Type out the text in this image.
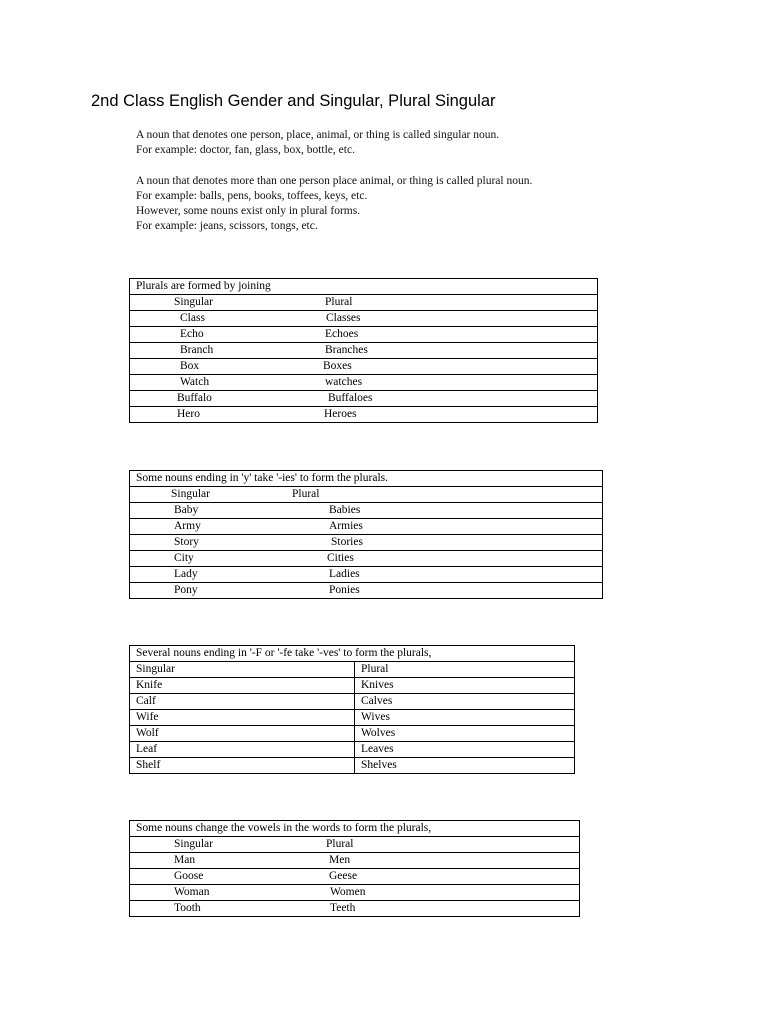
2nd Class English Gender and Singular, Plural Singular
A noun that denotes one person, place, animal, or thing is called singular noun.
For example: doctor, fan, glass, box, bottle, etc.
A noun that denotes more than one person place animal, or thing is called plural noun.
For example: balls, pens, books, toffees, keys, etc.
However, some nouns exist only in plural forms.
For example: jeans, scissors, tongs, etc.
Plurals are formed by joining

Singular	Plural

Class	Classes

Echo	Echoes

Branch	Branches

Box	Boxes

Watch	watches

Buffalo	Buffaloes

Hero	Heroes
Some nouns ending in 'y' take '-ies' to form the plurals.

Singular	Plural

Baby	Babies

Army	Armies

Story	Stories

City	Cities

Lady	Ladies

Pony	Ponies
Several nouns ending in '-F or '-fe take '-ves' to form the plurals,	
Singular	Plural
Knife	Knives
Calf	Calves
Wife	Wives
Wolf	Wolves
Leaf	Leaves
Shelf	Shelves
Some nouns change the vowels in the words to form the plurals,

Singular	Plural

Man	Men

Goose	Geese

Woman	Women

Tooth	Teeth
